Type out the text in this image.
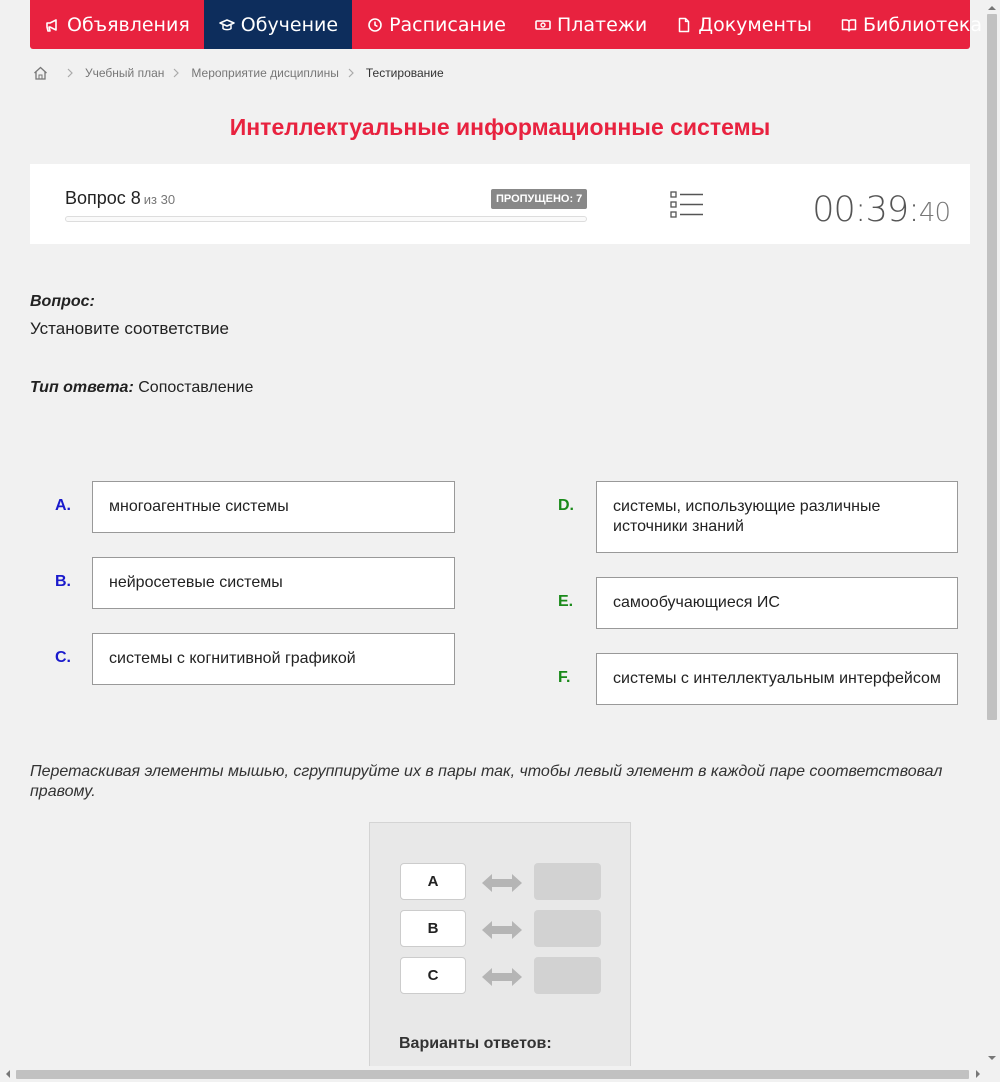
Объявления	Обучение	Расписание	Платежи	Документы	Библиотека
Учебный план Мероприятие дисциплины Тестирование
Интеллектуальные информационные системы
Вопрос 8 из 30	ПРОПУЩЕНО: 7	00:39:40
Вопрос:
Установите соответствие
Тип ответа: Сопоставление
A.	многоагентные системы
B.	нейросетевые системы
C.	системы с когнитивной графикой
D.	системы, использующие различные источники знаний
E.	самообучающиеся ИС
F.	системы с интеллектуальным интерфейсом
Перетаскивая элементы мышью, сгруппируйте их в пары так, чтобы левый элемент в каждой паре соответствовал правому.
A
B
C
Варианты ответов:
